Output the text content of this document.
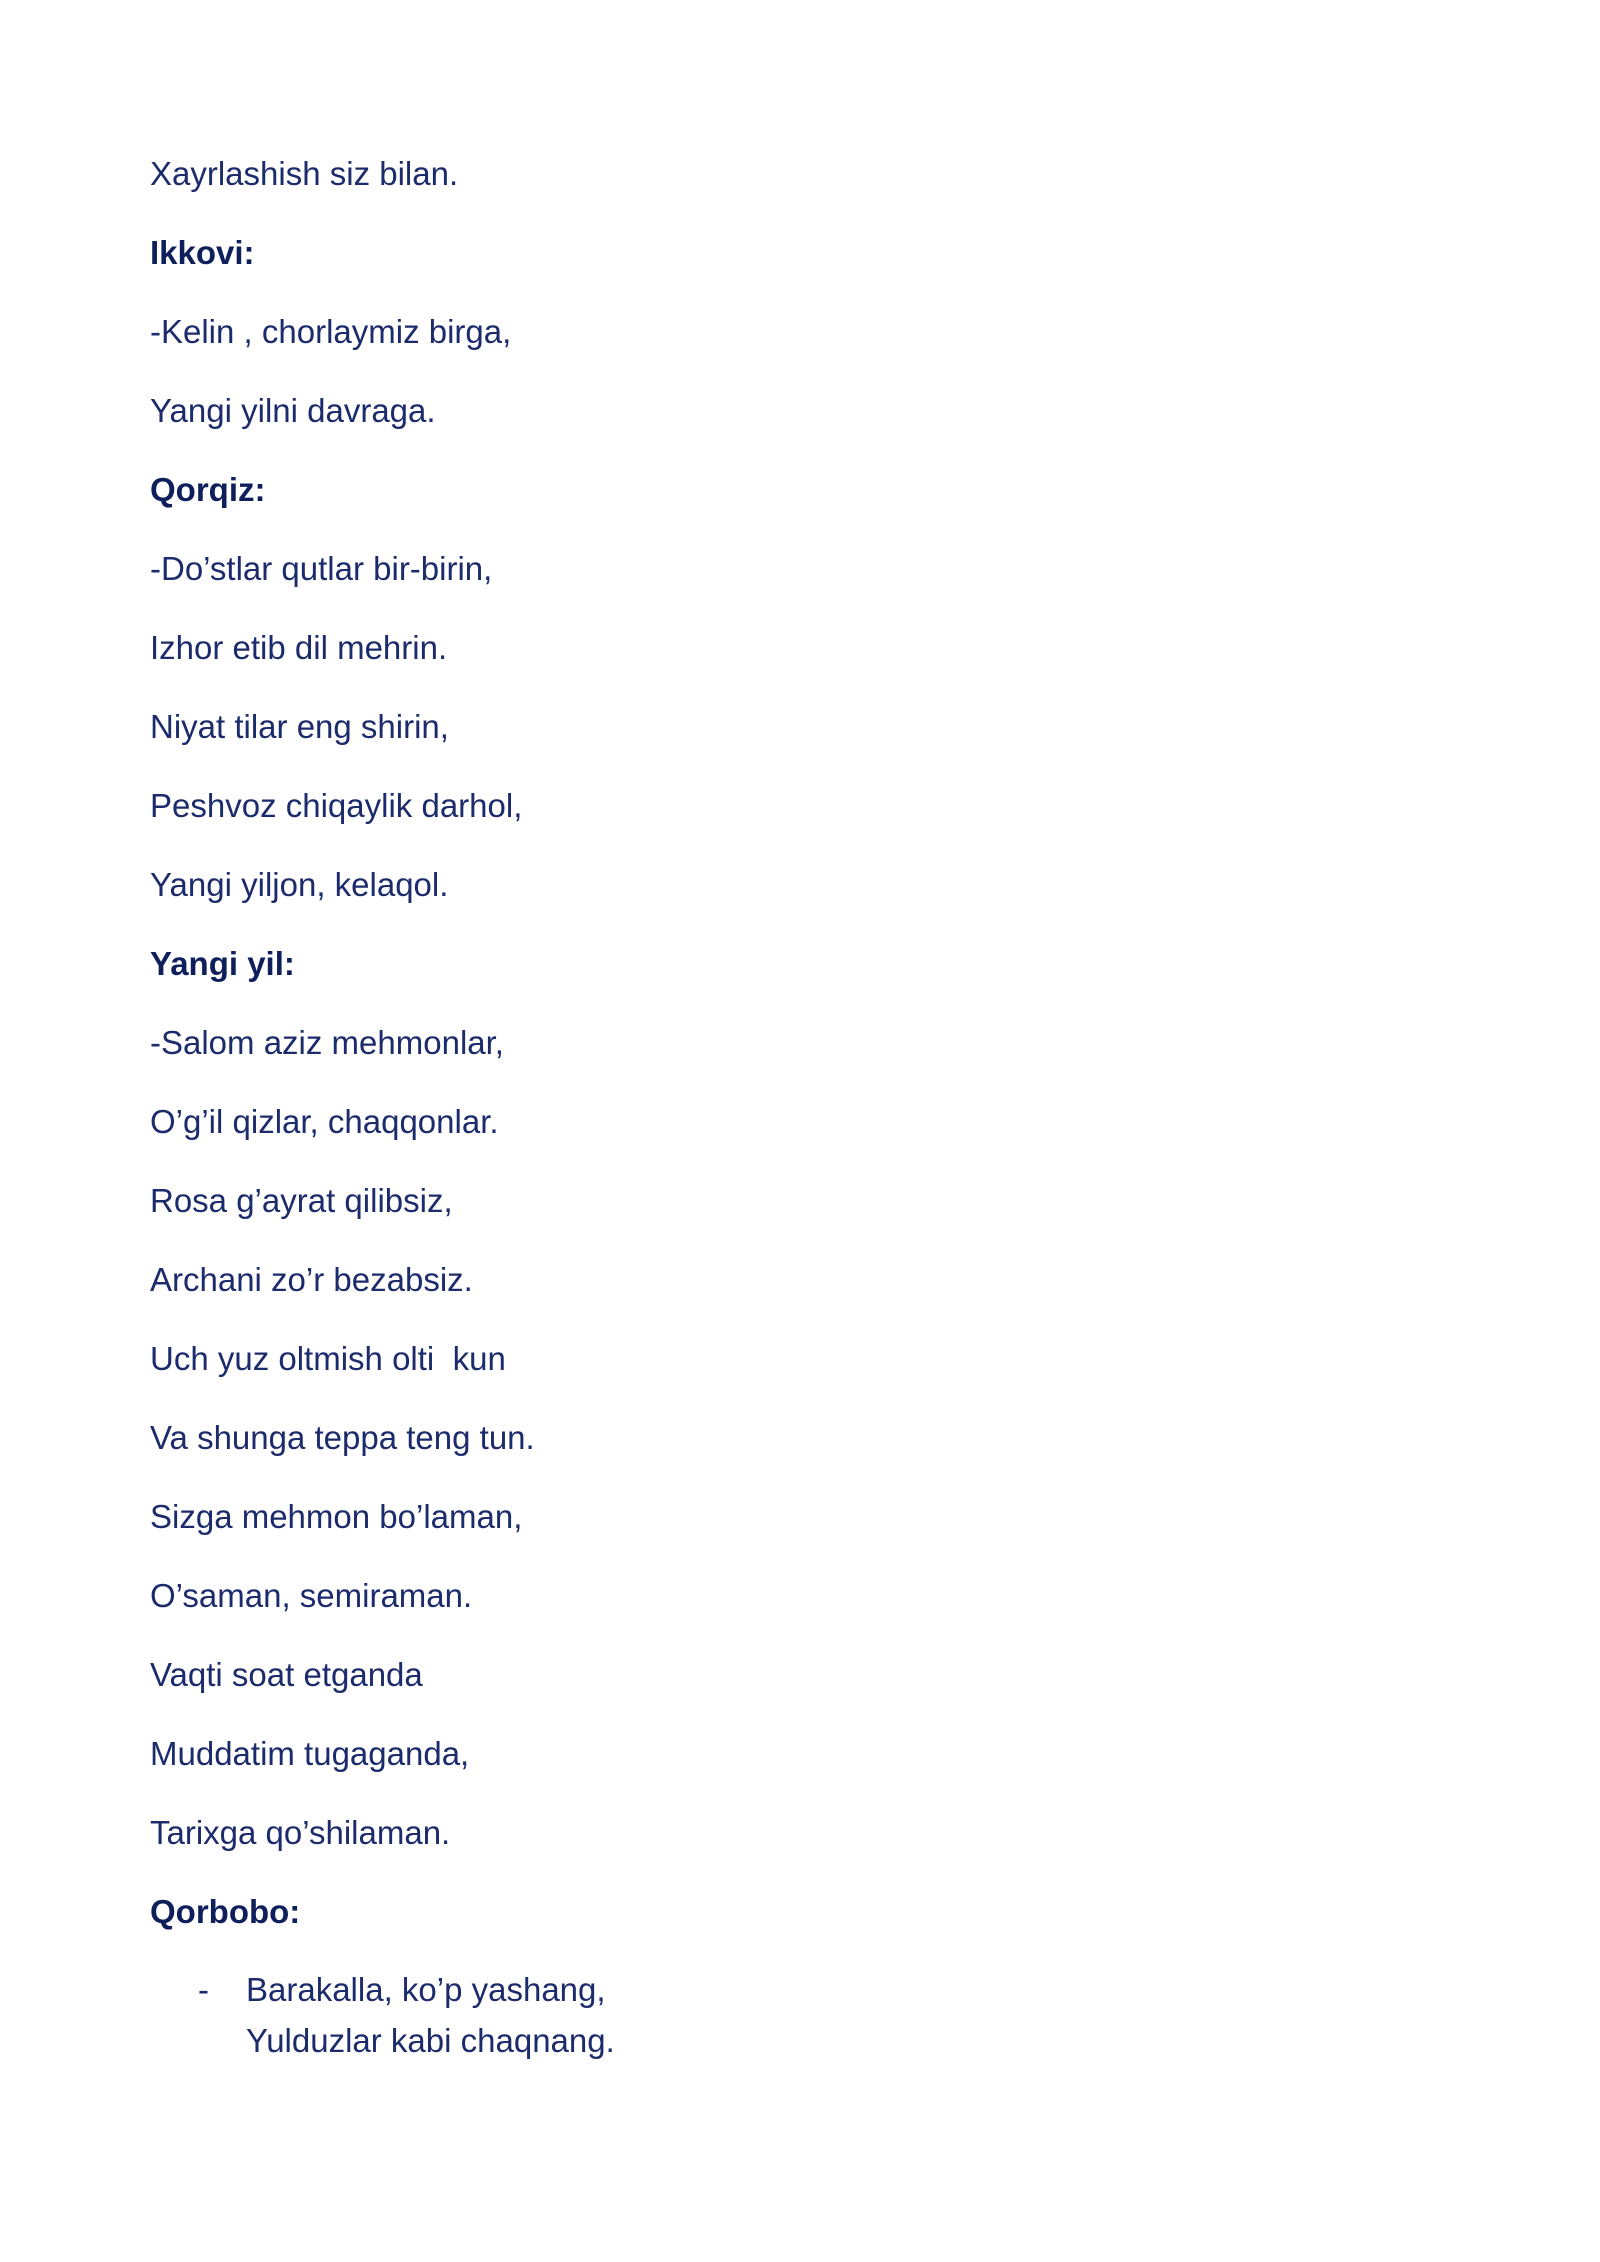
Xayrlashish siz bilan.

Ikkovi:

-Kelin , chorlaymiz birga,

Yangi yilni davraga.

Qorqiz:

-Do’stlar qutlar bir-birin,

Izhor etib dil mehrin.

Niyat tilar eng shirin,

Peshvoz chiqaylik darhol,

Yangi yiljon, kelaqol.

Yangi yil:

-Salom aziz mehmonlar,

O’g’il qizlar, chaqqonlar.

Rosa g’ayrat qilibsiz,

Archani zo’r bezabsiz.

Uch yuz oltmish olti  kun

Va shunga teppa teng tun.

Sizga mehmon bo’laman,

O’saman, semiraman.

Vaqti soat etganda

Muddatim tugaganda,

Tarixga qo’shilaman.

Qorbobo:

- Barakalla, ko’p yashang,

Yulduzlar kabi chaqnang.
